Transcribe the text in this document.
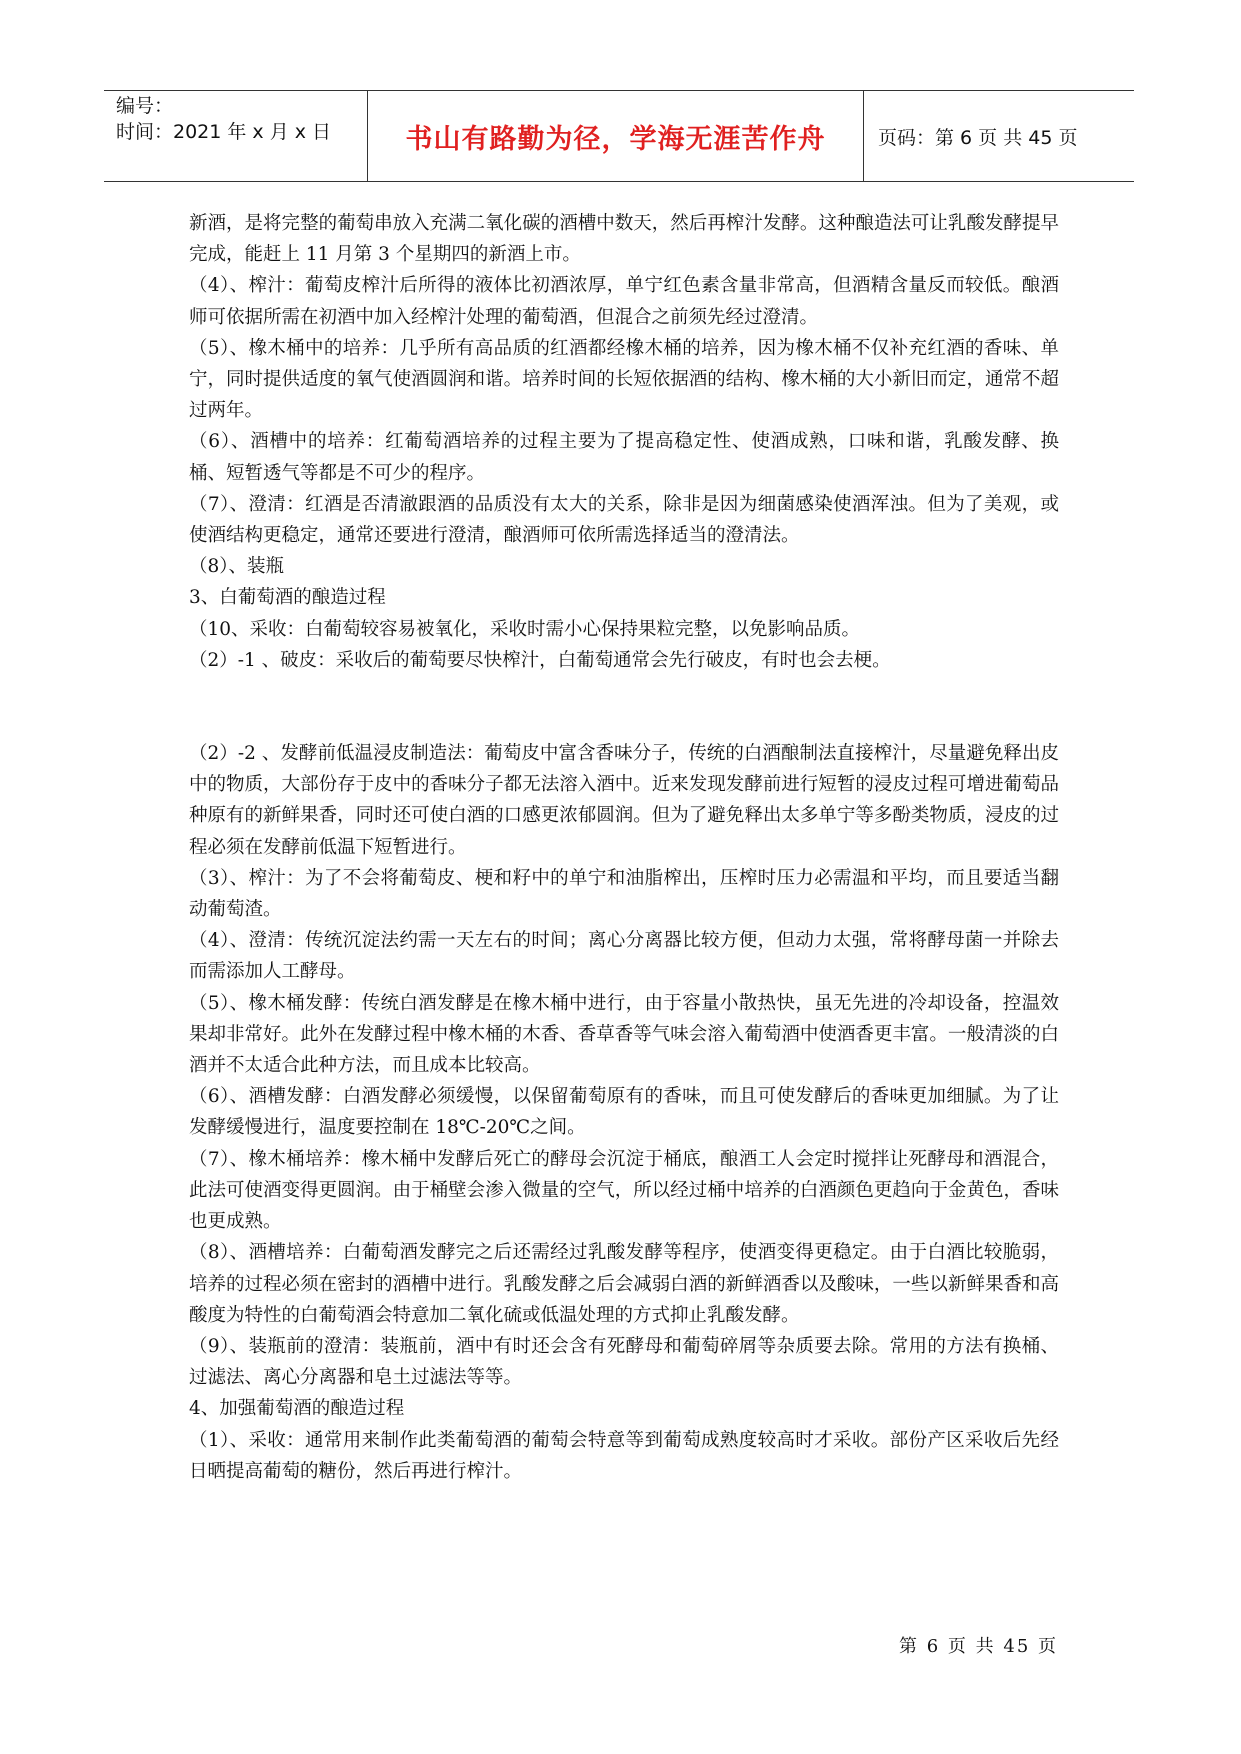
编号：
时间：2021 年 x 月 x 日	书山有路勤为径，学海无涯苦作舟	页码：第 6 页 共 45 页

新酒，是将完整的葡萄串放入充满二氧化碳的酒槽中数天，然后再榨汁发酵。这种酿造法可让乳酸发酵提早完成，能赶上 11 月第 3 个星期四的新酒上市。

（4）、榨汁：葡萄皮榨汁后所得的液体比初酒浓厚，单宁红色素含量非常高，但酒精含量反而较低。酿酒师可依据所需在初酒中加入经榨汁处理的葡萄酒，但混合之前须先经过澄清。

（5）、橡木桶中的培养：几乎所有高品质的红酒都经橡木桶的培养，因为橡木桶不仅补充红酒的香味、单宁，同时提供适度的氧气使酒圆润和谐。培养时间的长短依据酒的结构、橡木桶的大小新旧而定，通常不超过两年。

（6）、酒槽中的培养：红葡萄酒培养的过程主要为了提高稳定性、使酒成熟，口味和谐，乳酸发酵、换桶、短暂透气等都是不可少的程序。

（7）、澄清：红酒是否清澈跟酒的品质没有太大的关系，除非是因为细菌感染使酒浑浊。但为了美观，或使酒结构更稳定，通常还要进行澄清，酿酒师可依所需选择适当的澄清法。

（8）、装瓶

3、白葡萄酒的酿造过程

（10、采收：白葡萄较容易被氧化，采收时需小心保持果粒完整，以免影响品质。

（2）-1 、破皮：采收后的葡萄要尽快榨汁，白葡萄通常会先行破皮，有时也会去梗。

（2）-2 、发酵前低温浸皮制造法：葡萄皮中富含香味分子，传统的白酒酿制法直接榨汁，尽量避免释出皮中的物质，大部份存于皮中的香味分子都无法溶入酒中。近来发现发酵前进行短暂的浸皮过程可增进葡萄品种原有的新鲜果香，同时还可使白酒的口感更浓郁圆润。但为了避免释出太多单宁等多酚类物质，浸皮的过程必须在发酵前低温下短暂进行。

（3）、榨汁：为了不会将葡萄皮、梗和籽中的单宁和油脂榨出，压榨时压力必需温和平均，而且要适当翻动葡萄渣。

（4）、澄清：传统沉淀法约需一天左右的时间；离心分离器比较方便，但动力太强，常将酵母菌一并除去而需添加人工酵母。

（5）、橡木桶发酵：传统白酒发酵是在橡木桶中进行，由于容量小散热快，虽无先进的冷却设备，控温效果却非常好。此外在发酵过程中橡木桶的木香、香草香等气味会溶入葡萄酒中使酒香更丰富。一般清淡的白酒并不太适合此种方法，而且成本比较高。

（6）、酒槽发酵：白酒发酵必须缓慢，以保留葡萄原有的香味，而且可使发酵后的香味更加细腻。为了让发酵缓慢进行，温度要控制在 18℃-20℃之间。

（7）、橡木桶培养：橡木桶中发酵后死亡的酵母会沉淀于桶底，酿酒工人会定时搅拌让死酵母和酒混合，此法可使酒变得更圆润。由于桶壁会渗入微量的空气，所以经过桶中培养的白酒颜色更趋向于金黄色，香味也更成熟。

（8）、酒槽培养：白葡萄酒发酵完之后还需经过乳酸发酵等程序，使酒变得更稳定。由于白酒比较脆弱，培养的过程必须在密封的酒槽中进行。乳酸发酵之后会减弱白酒的新鲜酒香以及酸味，一些以新鲜果香和高酸度为特性的白葡萄酒会特意加二氧化硫或低温处理的方式抑止乳酸发酵。

（9）、装瓶前的澄清：装瓶前，酒中有时还会含有死酵母和葡萄碎屑等杂质要去除。常用的方法有换桶、过滤法、离心分离器和皂土过滤法等等。

4、加强葡萄酒的酿造过程

（1）、采收：通常用来制作此类葡萄酒的葡萄会特意等到葡萄成熟度较高时才采收。部份产区采收后先经日晒提高葡萄的糖份，然后再进行榨汁。

第 6 页 共 45 页
